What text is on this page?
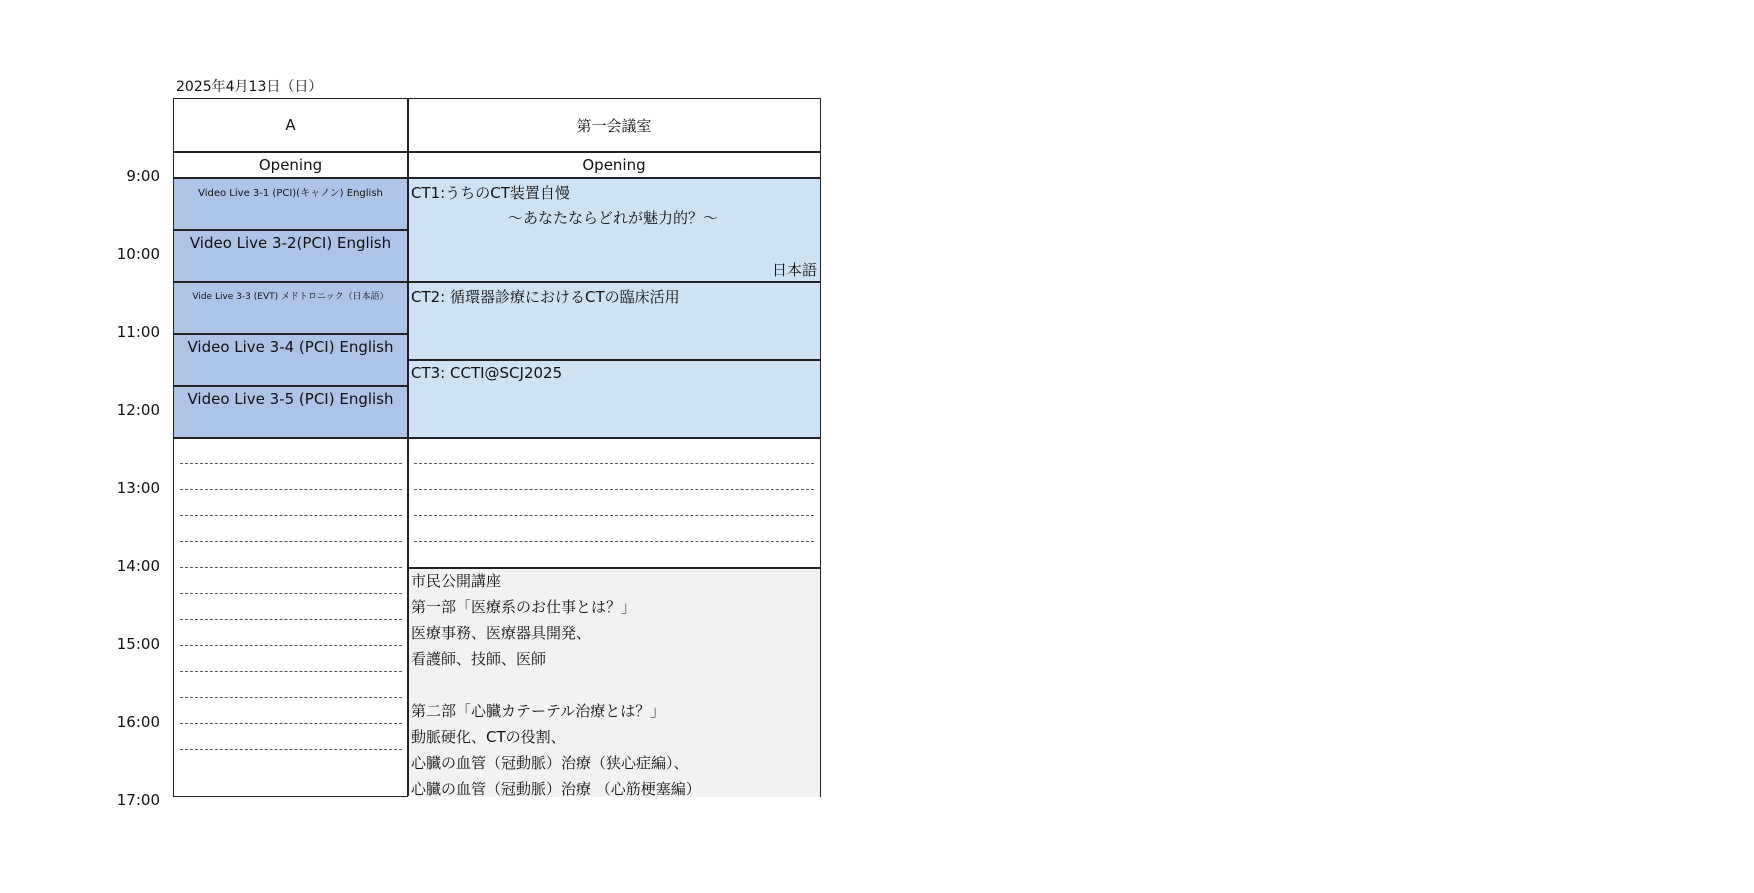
2025年4月13日（日）
9:00
10:00
11:00
12:00
13:00
14:00
15:00
16:00
17:00
A	第一会議室
Opening	Opening
Video Live 3-1 (PCI)(キャノン) English
Video Live 3-2(PCI) English
Vide Live 3-3 (EVT) メドトロニック（日本語）
Video Live 3-4 (PCI) English
Video Live 3-5 (PCI) English
CT1:うちのCT装置自慢
〜あなたならどれが魅力的？〜
日本語
CT2: 循環器診療におけるCTの臨床活用
CT3: CCTI@SCJ2025

市民公開講座

第一部「医療系のお仕事とは？」

医療事務、医療器具開発、

看護師、技師、医師

第二部「心臓カテーテル治療とは？」

動脈硬化、CTの役割、

心臓の血管（冠動脈）治療（狭心症編）、

心臓の血管（冠動脈）治療 （心筋梗塞編）
